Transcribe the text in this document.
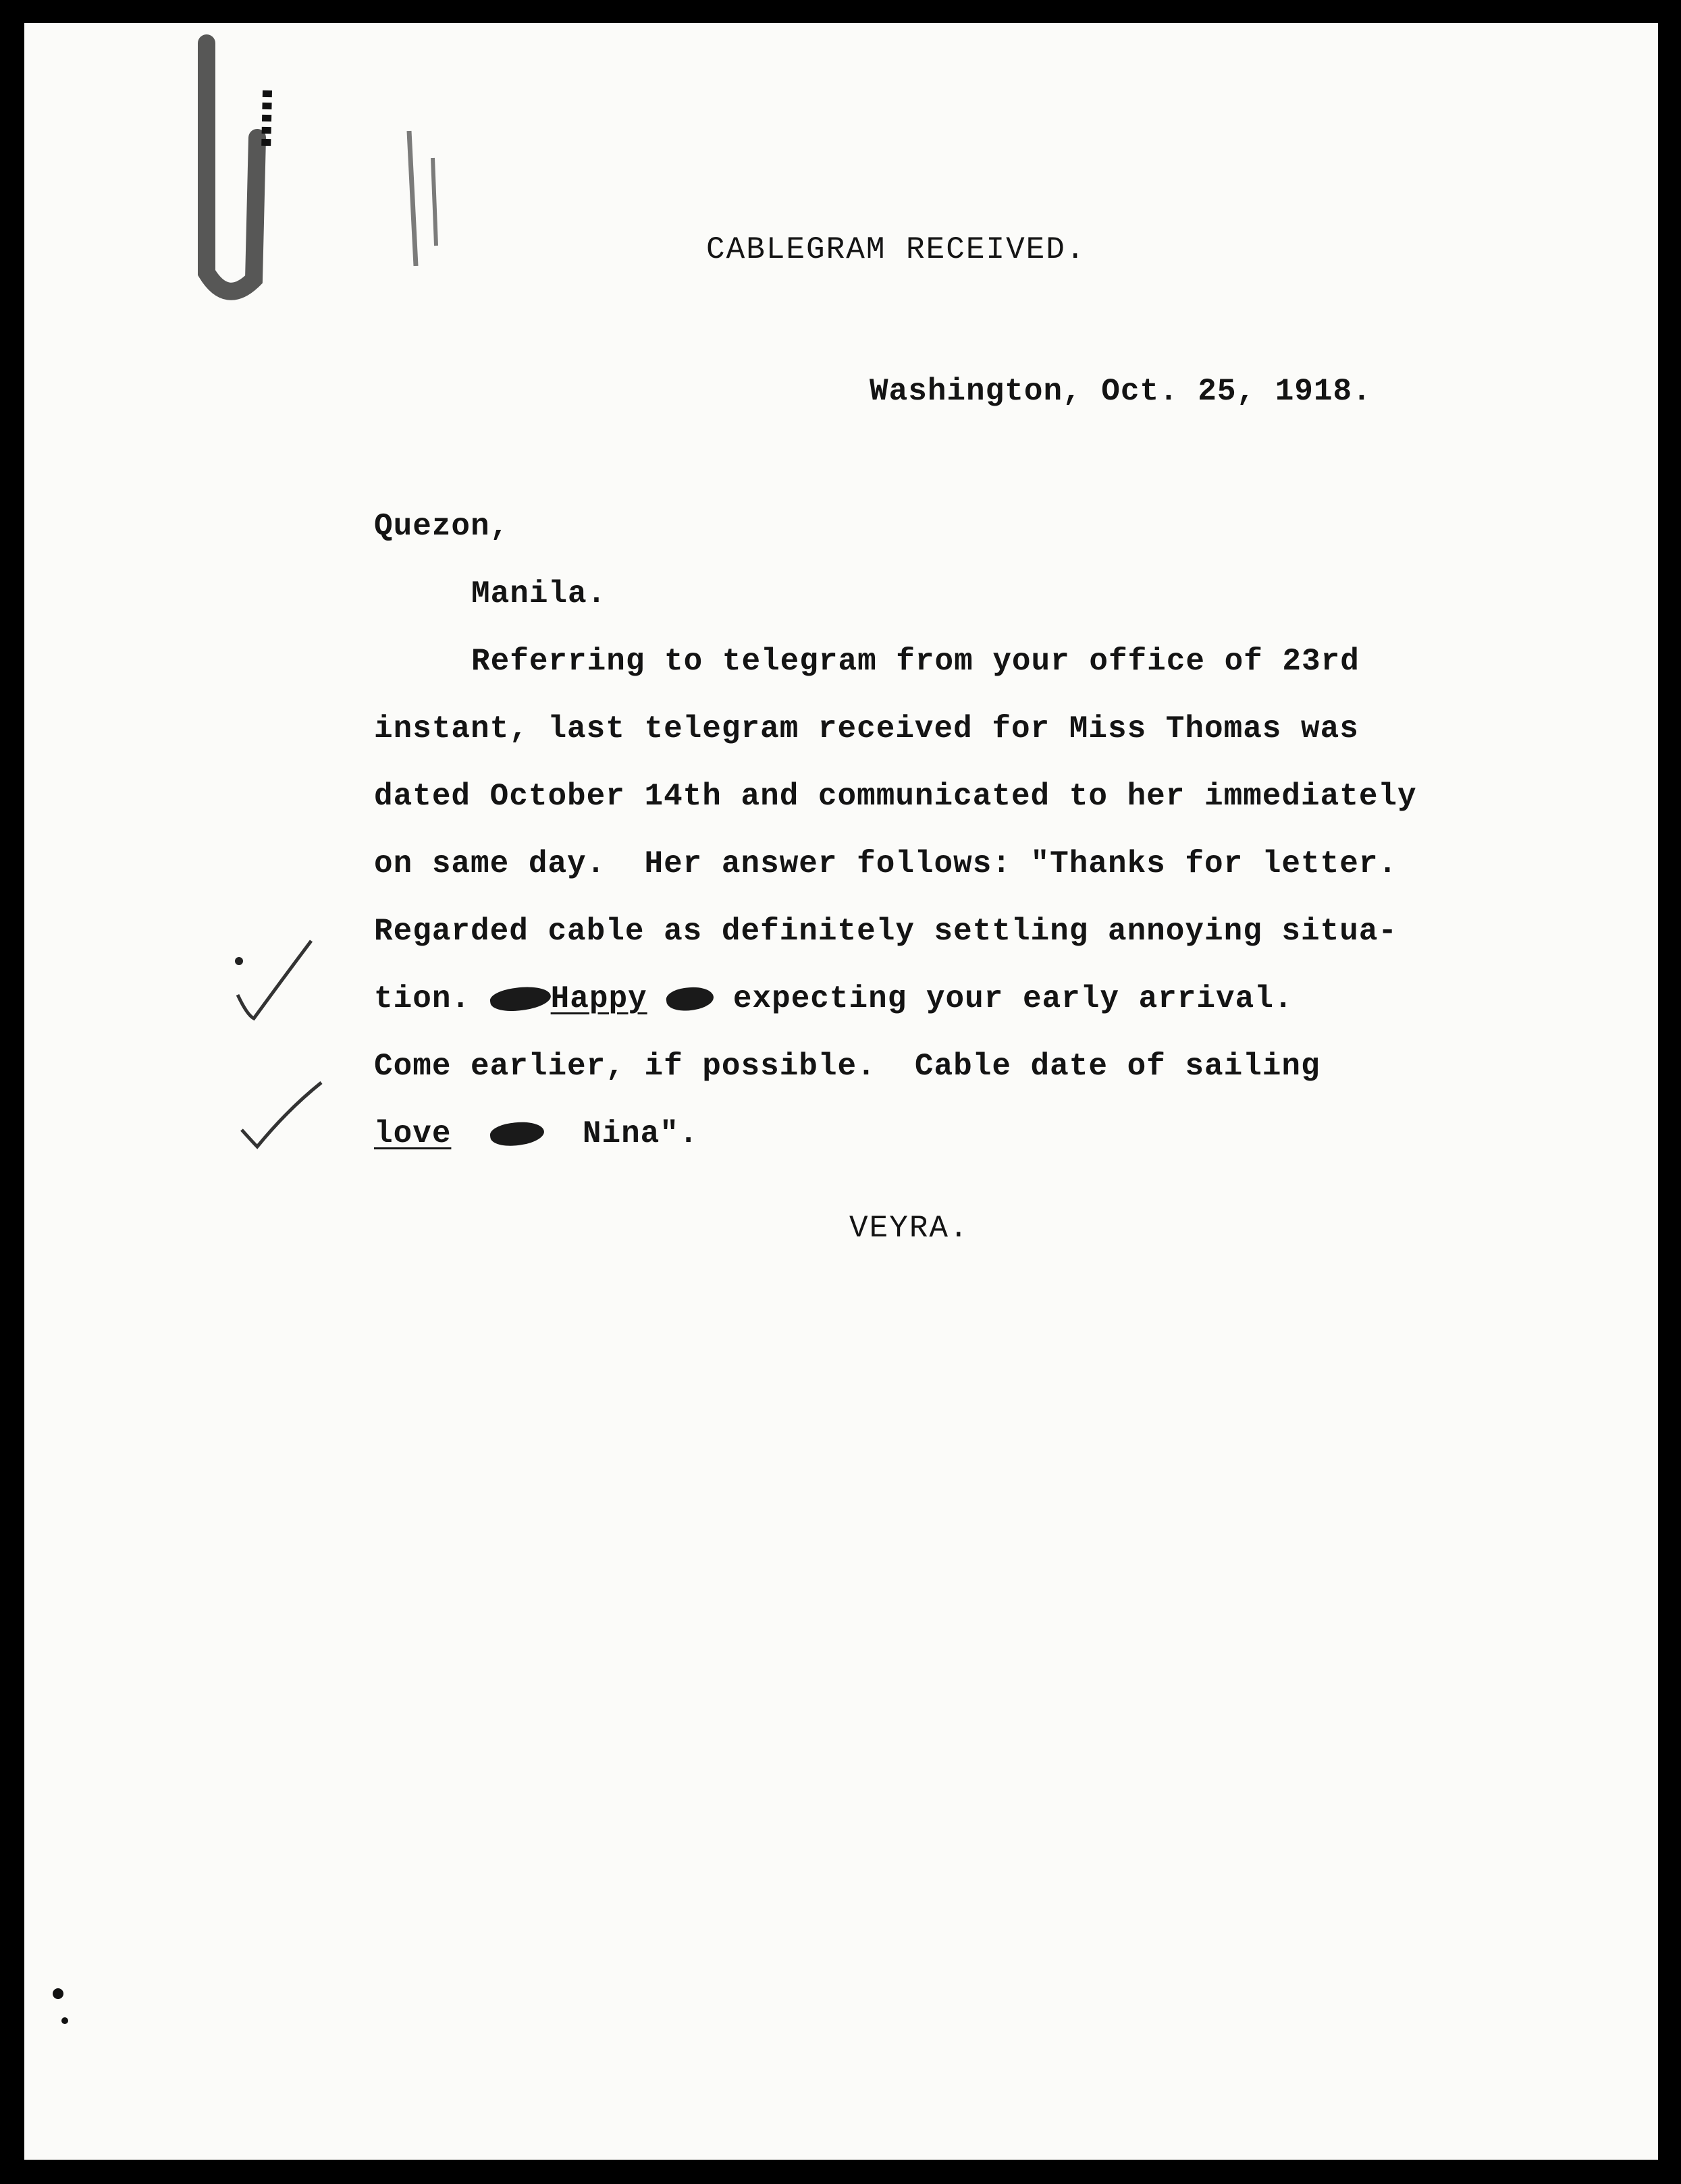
CABLEGRAM RECEIVED.
Washington, Oct. 25, 1918.
Quezon,
Manila.
Referring to telegram from your office of 23rd
instant, last telegram received for Miss Thomas was
dated October 14th and communicated to her immediately
on same day.  Her answer follows: "Thanks for letter.
Regarded cable as definitely settling annoying situa-
tion.	Happy	expecting your early arrival.
Come earlier, if possible.  Cable date of sailing
love	Nina".
VEYRA.
